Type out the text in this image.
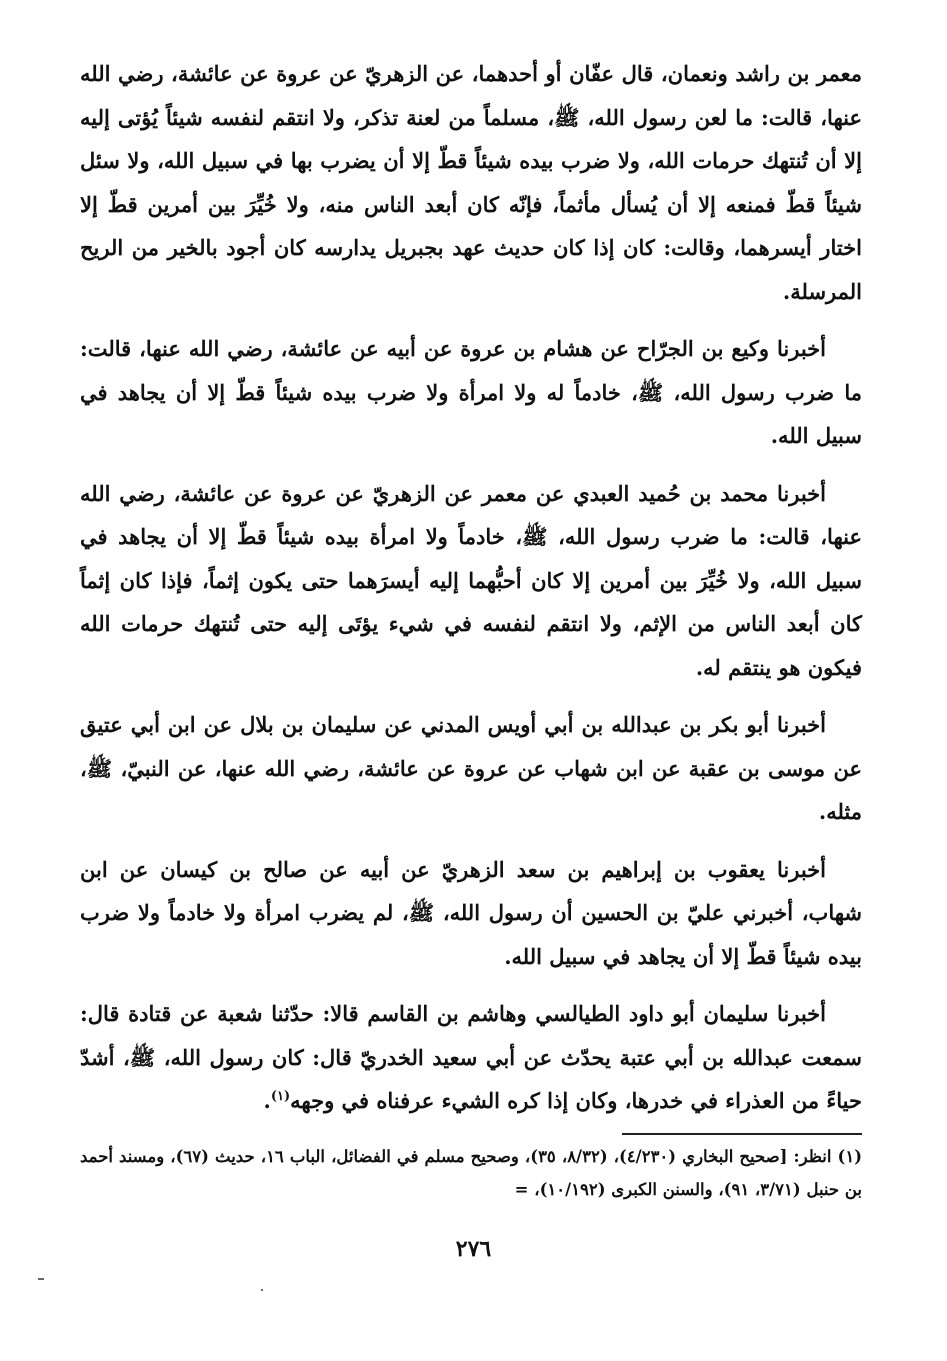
معمر بن راشد ونعمان، قال عفّان أو أحدهما، عن الزهريّ عن عروة عن عائشة، رضي الله عنها، قالت: ما لعن رسول الله، ﷺ، مسلماً من لعنة تذكر، ولا انتقم لنفسه شيئاً يُؤتى إليه إلا أن تُنتهك حرمات الله، ولا ضرب بيده شيئاً قطّ إلا أن يضرب بها في سبيل الله، ولا سئل شيئاً قطّ فمنعه إلا أن يُسأل مأثماً، فإنّه كان أبعد الناس منه، ولا خُيِّرَ بين أمرين قطّ إلا اختار أيسرهما، وقالت: كان إذا كان حديث عهد بجبريل يدارسه كان أجود بالخير من الريح المرسلة.

أخبرنا وكيع بن الجرّاح عن هشام بن عروة عن أبيه عن عائشة، رضي الله عنها، قالت: ما ضرب رسول الله، ﷺ، خادماً له ولا امرأة ولا ضرب بيده شيئاً قطّ إلا أن يجاهد في سبيل الله.

أخبرنا محمد بن حُميد العبدي عن معمر عن الزهريّ عن عروة عن عائشة، رضي الله عنها، قالت: ما ضرب رسول الله، ﷺ، خادماً ولا امرأة بيده شيئاً قطّ إلا أن يجاهد في سبيل الله، ولا خُيِّرَ بين أمرين إلا كان أحبُّهما إليه أيسرَهما حتى يكون إثماً، فإذا كان إثماً كان أبعد الناس من الإثم، ولا انتقم لنفسه في شيء يؤتَى إليه حتى تُنتهك حرمات الله فيكون هو ينتقم له.

أخبرنا أبو بكر بن عبدالله بن أبي أويس المدني عن سليمان بن بلال عن ابن أبي عتيق عن موسى بن عقبة عن ابن شهاب عن عروة عن عائشة، رضي الله عنها، عن النبيّ، ﷺ، مثله.

أخبرنا يعقوب بن إبراهيم بن سعد الزهريّ عن أبيه عن صالح بن كيسان عن ابن شهاب، أخبرني عليّ بن الحسين أن رسول الله، ﷺ، لم يضرب امرأة ولا خادماً ولا ضرب بيده شيئاً قطّ إلا أن يجاهد في سبيل الله.

أخبرنا سليمان أبو داود الطيالسي وهاشم بن القاسم قالا: حدّثنا شعبة عن قتادة قال: سمعت عبدالله بن أبي عتبة يحدّث عن أبي سعيد الخدريّ قال: كان رسول الله، ﷺ، أشدّ حياءً من العذراء في خدرها، وكان إذا كره الشيء عرفناه في وجهه$^{(١)}$.

(١) انظر: [صحيح البخاري (٤/٢٣٠)، (٨/٣٢، ٣٥)، وصحيح مسلم في الفضائل، الباب ١٦، حديث (٦٧)، ومسند أحمد بن حنبل (٣/٧١، ٩١)، والسنن الكبرى (١٠/١٩٢)، =
٢٧٦
